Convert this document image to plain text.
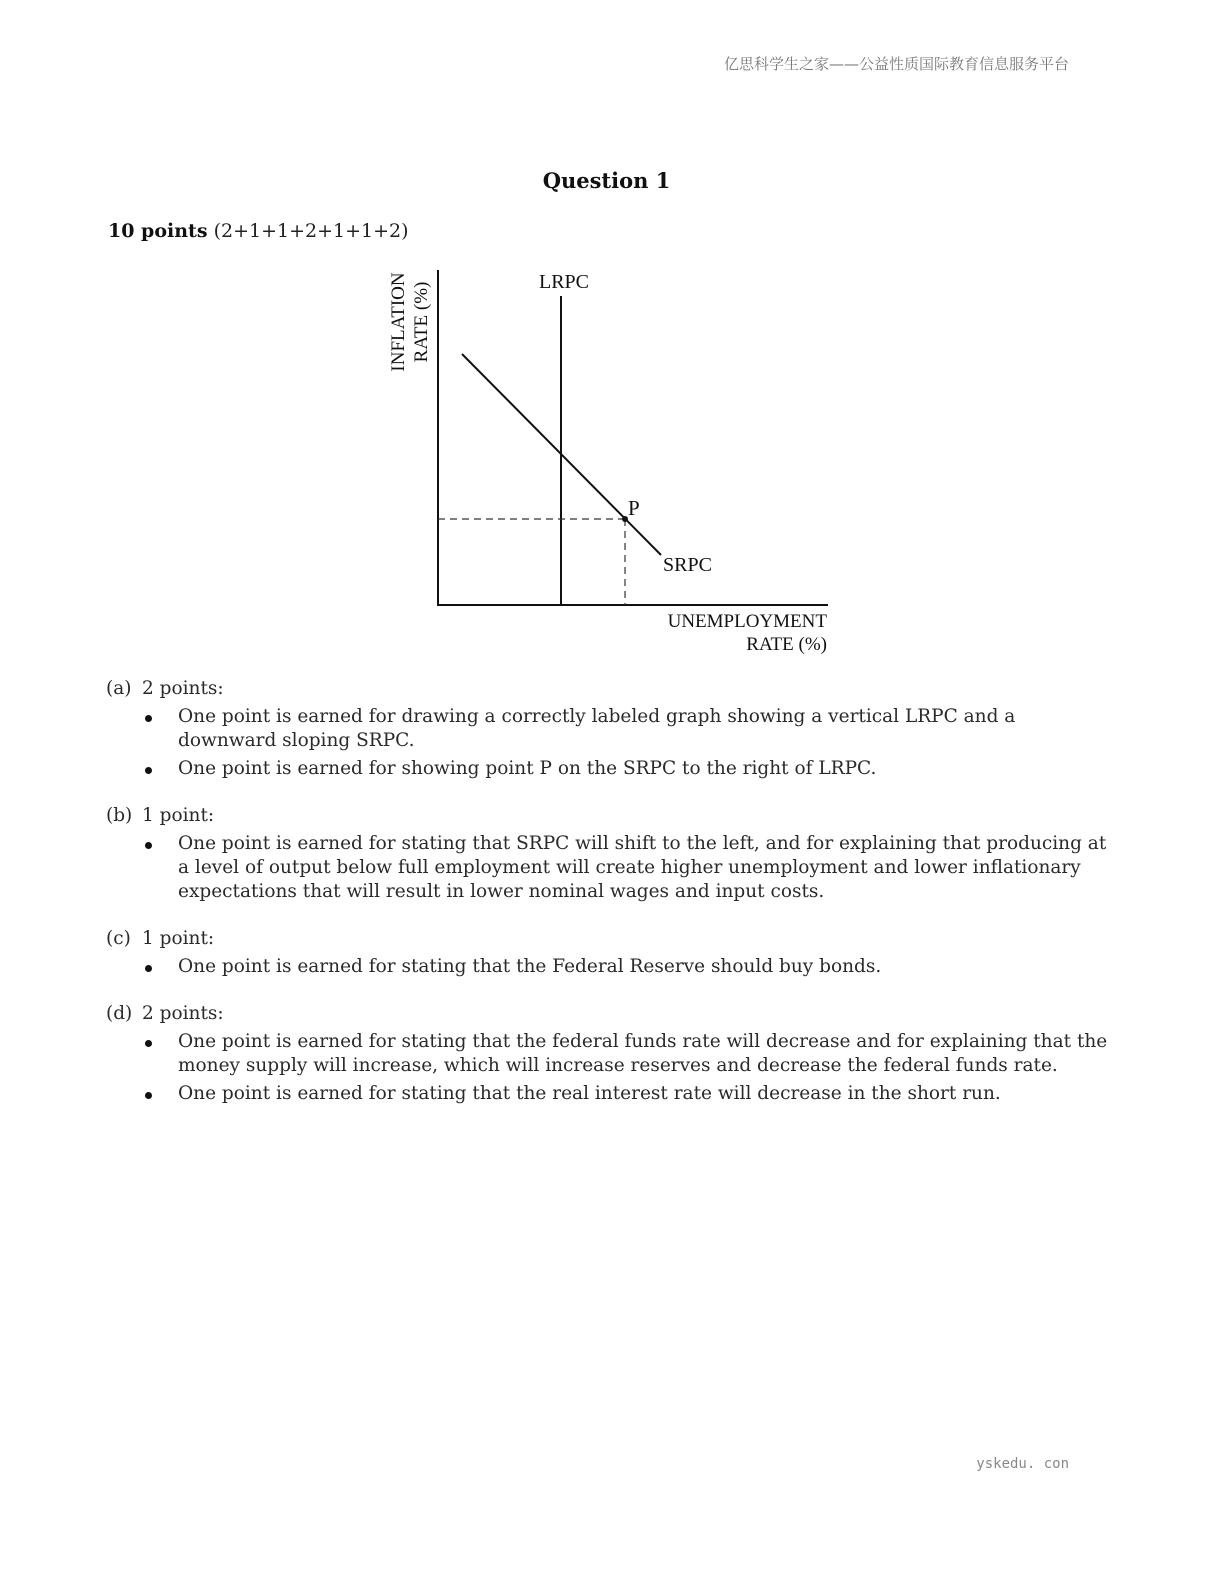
亿思科学生之家——公益性质国际教育信息服务平台
Question 1
10 points (2+1+1+2+1+1+2)
INFLATION RATE (%)	LRPC
SRPC
P
UNEMPLOYMENT
RATE (%)
(a) 2 points:
One point is earned for drawing a correctly labeled graph showing a vertical LRPC and a downward sloping SRPC.
One point is earned for showing point P on the SRPC to the right of LRPC.
(b) 1 point:
One point is earned for stating that SRPC will shift to the left, and for explaining that producing at a level of output below full employment will create higher unemployment and lower inflationary expectations that will result in lower nominal wages and input costs.
(c) 1 point:
One point is earned for stating that the Federal Reserve should buy bonds.
(d) 2 points:
One point is earned for stating that the federal funds rate will decrease and for explaining that the money supply will increase, which will increase reserves and decrease the federal funds rate.
One point is earned for stating that the real interest rate will decrease in the short run.
yskedu. con
